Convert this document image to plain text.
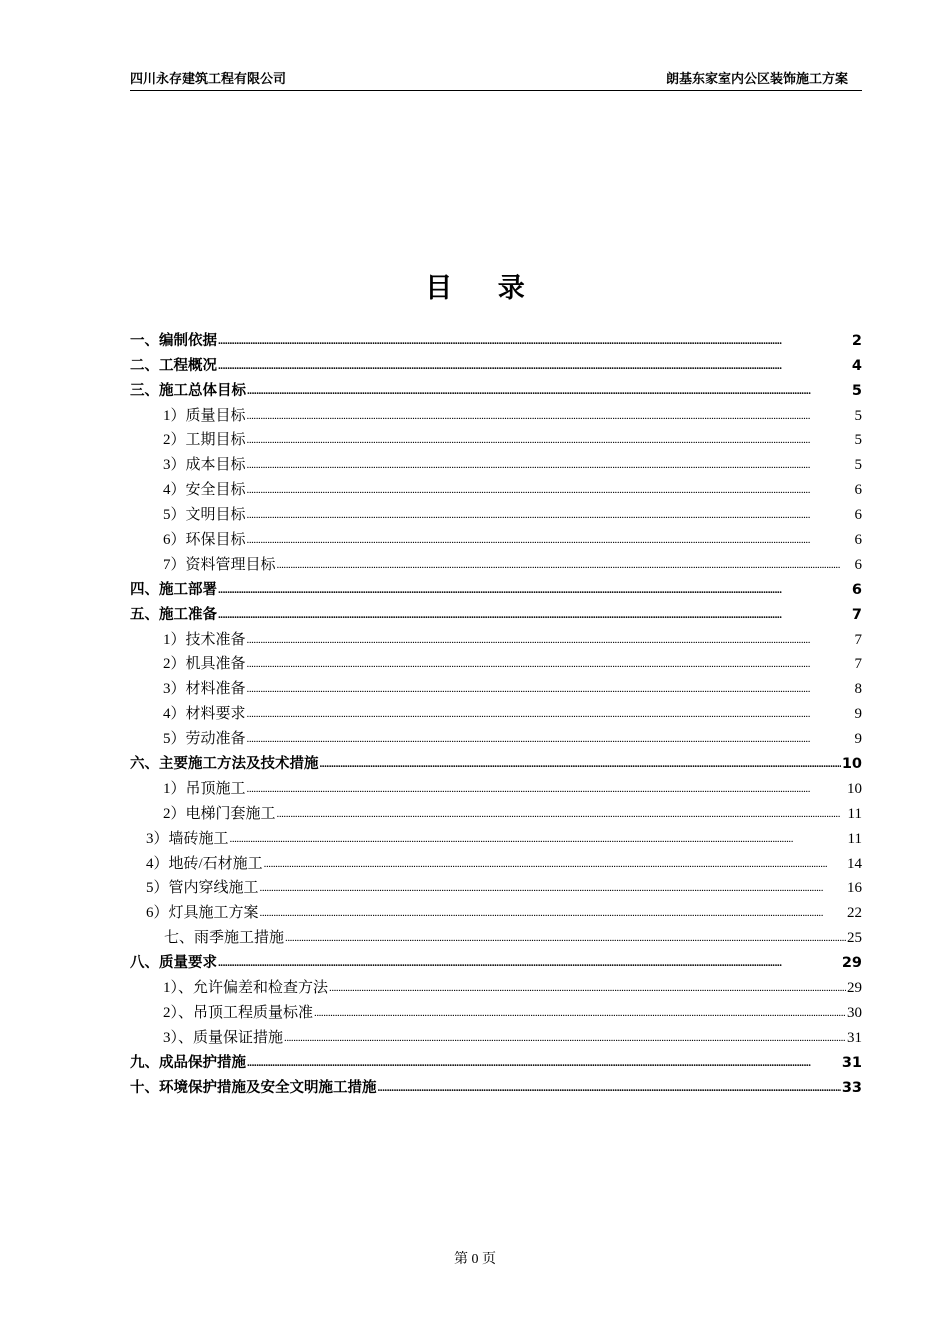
四川永存建筑工程有限公司	朗基东家室内公区装饰施工方案
目 录
一、编制依据 . . .	2
二、工程概况 . . .	4
三、施工总体目标 . . .	5
1）质量目标 . . .	5
2）工期目标 . . .	5
3）成本目标 . . .	5
4）安全目标 . . .	6
5）文明目标 . . .	6
6）环保目标 . . .	6
7）资料管理目标 . . .	6
四、施工部署 . . .	6
五、施工准备 . . .	7
1）技术准备 . . .	7
2）机具准备 . . .	7
3）材料准备 . . .	8
4）材料要求 . . .	9
5）劳动准备 . . .	9
六、主要施工方法及技术措施 . . .	10
1）吊顶施工 . . .	10
2）电梯门套施工 . . .	11
3）墙砖施工 . . .	11
4）地砖/石材施工 . . .	14
5）管内穿线施工 . . .	16
6）灯具施工方案 . . .	22
七、雨季施工措施 . . .	25
八、质量要求 . . .	29
1）、允许偏差和检查方法 . . .	29
2）、吊顶工程质量标准 . . .	30
3）、质量保证措施 . . .	31
九、成品保护措施 . . .	31
十、环境保护措施及安全文明施工措施 . . .	33
第 0 页
